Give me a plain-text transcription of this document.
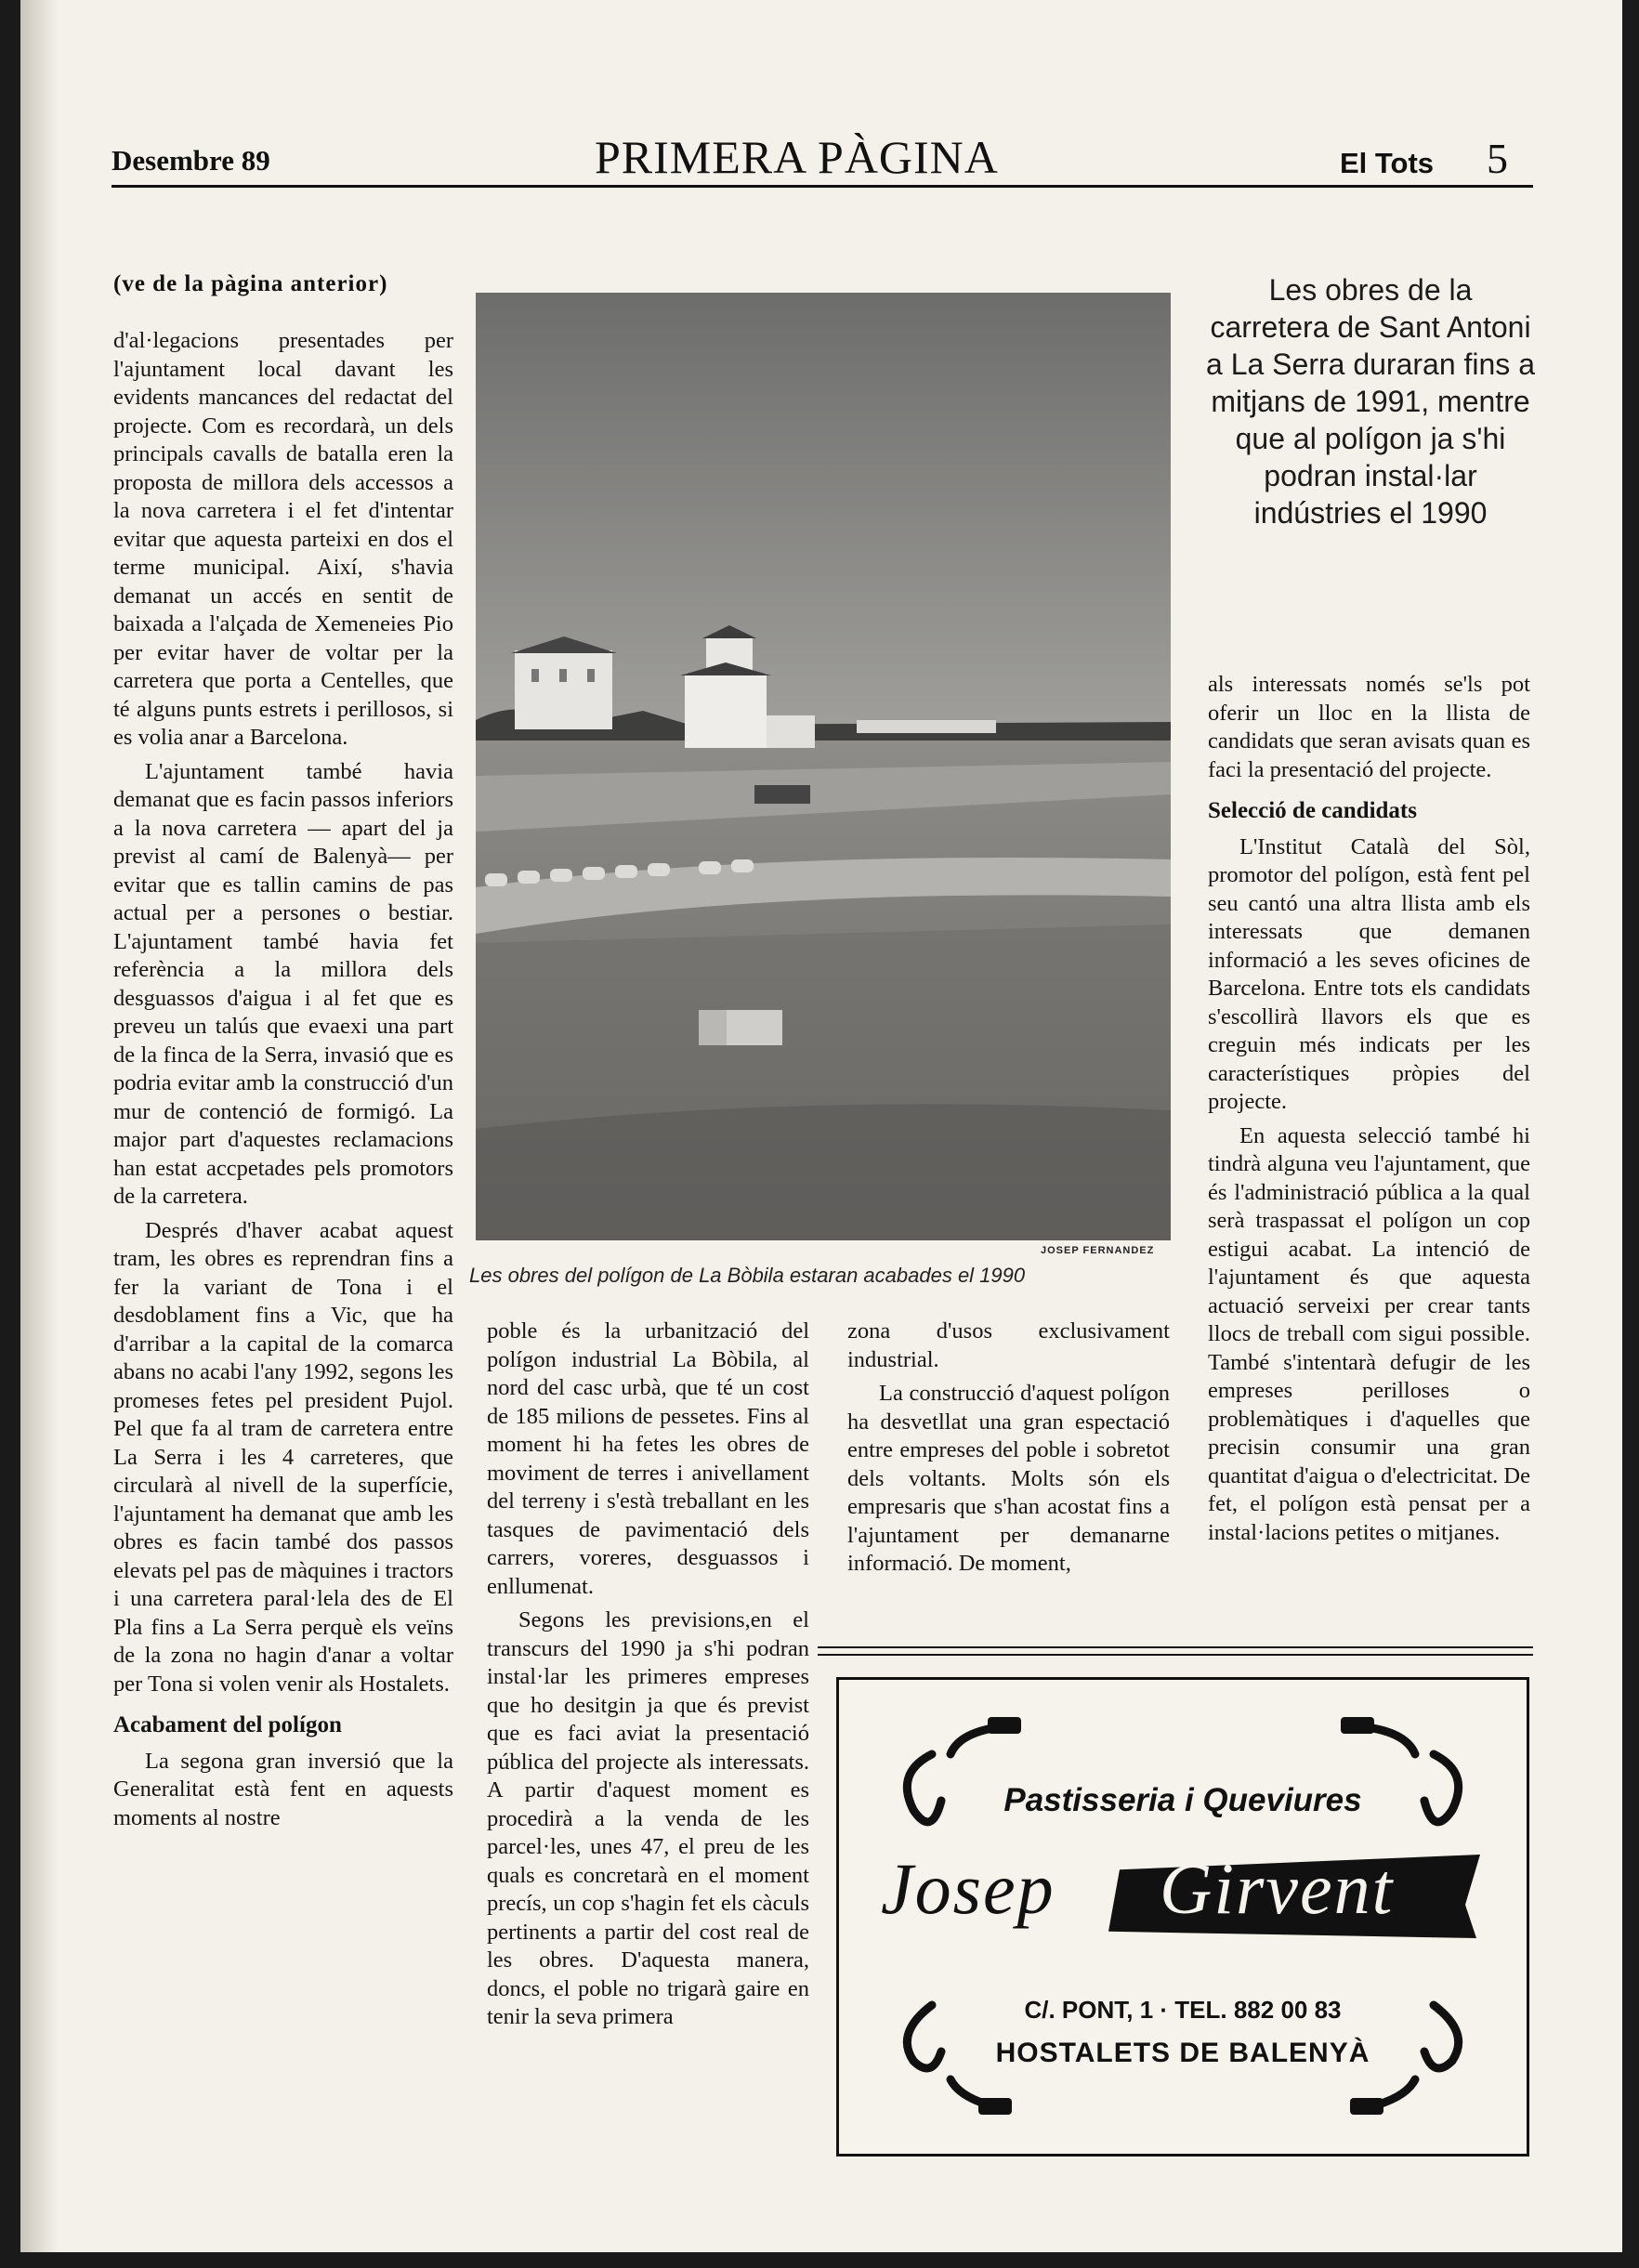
Desembre 89	PRIMERA PÀGINA	El Tots 5
(ve de la pàgina anterior)

d'al·legacions presentades per l'ajuntament local davant les evidents mancances del redactat del projecte. Com es recordarà, un dels principals cavalls de batalla eren la proposta de millora dels accessos a la nova carretera i el fet d'intentar evitar que aquesta parteixi en dos el terme municipal. Així, s'havia demanat un accés en sentit de baixada a l'alçada de Xemeneies Pio per evitar haver de voltar per la carretera que porta a Centelles, que té alguns punts estrets i perillosos, si es volia anar a Barcelona.

L'ajuntament també havia demanat que es facin passos inferiors a la nova carretera — apart del ja previst al camí de Balenyà— per evitar que es tallin camins de pas actual per a persones o bestiar. L'ajuntament també havia fet referència a la millora dels desguassos d'aigua i al fet que es preveu un talús que evaexi una part de la finca de la Serra, invasió que es podria evitar amb la construcció d'un mur de contenció de formigó. La major part d'aquestes reclamacions han estat accpetades pels promotors de la carretera.

Després d'haver acabat aquest tram, les obres es reprendran fins a fer la variant de Tona i el desdoblament fins a Vic, que ha d'arribar a la capital de la comarca abans no acabi l'any 1992, segons les promeses fetes pel president Pujol. Pel que fa al tram de carretera entre La Serra i les 4 carreteres, que circularà al nivell de la superfície, l'ajuntament ha demanat que amb les obres es facin també dos passos elevats pel pas de màquines i tractors i una carretera paral·lela des de El Pla fins a La Serra perquè els veïns de la zona no hagin d'anar a voltar per Tona si volen venir als Hostalets.

Acabament del polígon

La segona gran inversió que la Generalitat està fent en aquests moments al nostre

JOSEP FERNANDEZ
Les obres del polígon de La Bòbila estaran acabades el 1990

poble és la urbanització del polígon industrial La Bòbila, al nord del casc urbà, que té un cost de 185 milions de pessetes. Fins al moment hi ha fetes les obres de moviment de terres i anivellament del terreny i s'està treballant en les tasques de pavimentació dels carrers, voreres, desguassos i enllumenat.

Segons les previsions,en el transcurs del 1990 ja s'hi podran instal·lar les primeres empreses que ho desitgin ja que és previst que es faci aviat la presentació pública del projecte als interessats. A partir d'aquest moment es procedirà a la venda de les parcel·les, unes 47, el preu de les quals es concretarà en el moment precís, un cop s'hagin fet els càculs pertinents a partir del cost real de les obres. D'aquesta manera, doncs, el poble no trigarà gaire en tenir la seva primera

zona d'usos exclusivament industrial.

La construcció d'aquest polígon ha desvetllat una gran espectació entre empreses del poble i sobretot dels voltants. Molts són els empresaris que s'han acostat fins a l'ajuntament per demanarne informació. De moment,

Les obres de la carretera de Sant Antoni a La Serra duraran fins a mitjans de 1991, mentre que al polígon ja s'hi podran instal·lar indústries el 1990

als interessats només se'ls pot oferir un lloc en la llista de candidats que seran avisats quan es faci la presentació del projecte.

Selecció de candidats

L'Institut Català del Sòl, promotor del polígon, està fent pel seu cantó una altra llista amb els interessats que demanen informació a les seves oficines de Barcelona. Entre tots els candidats s'escollirà llavors els que es creguin més indicats per les característiques pròpies del projecte.

En aquesta selecció també hi tindrà alguna veu l'ajuntament, que és l'administració pública a la qual serà traspassat el polígon un cop estigui acabat. La intenció de l'ajuntament és que aquesta actuació serveixi per crear tants llocs de treball com sigui possible. També s'intentarà defugir de les empreses perilloses o problemàtiques i d'aquelles que precisin consumir una gran quantitat d'aigua o d'electricitat. De fet, el polígon està pensat per a instal·lacions petites o mitjanes.

Pastisseria i Queviures
Josep Girvent
C/. PONT, 1 · TEL. 882 00 83
HOSTALETS DE BALENYÀ
